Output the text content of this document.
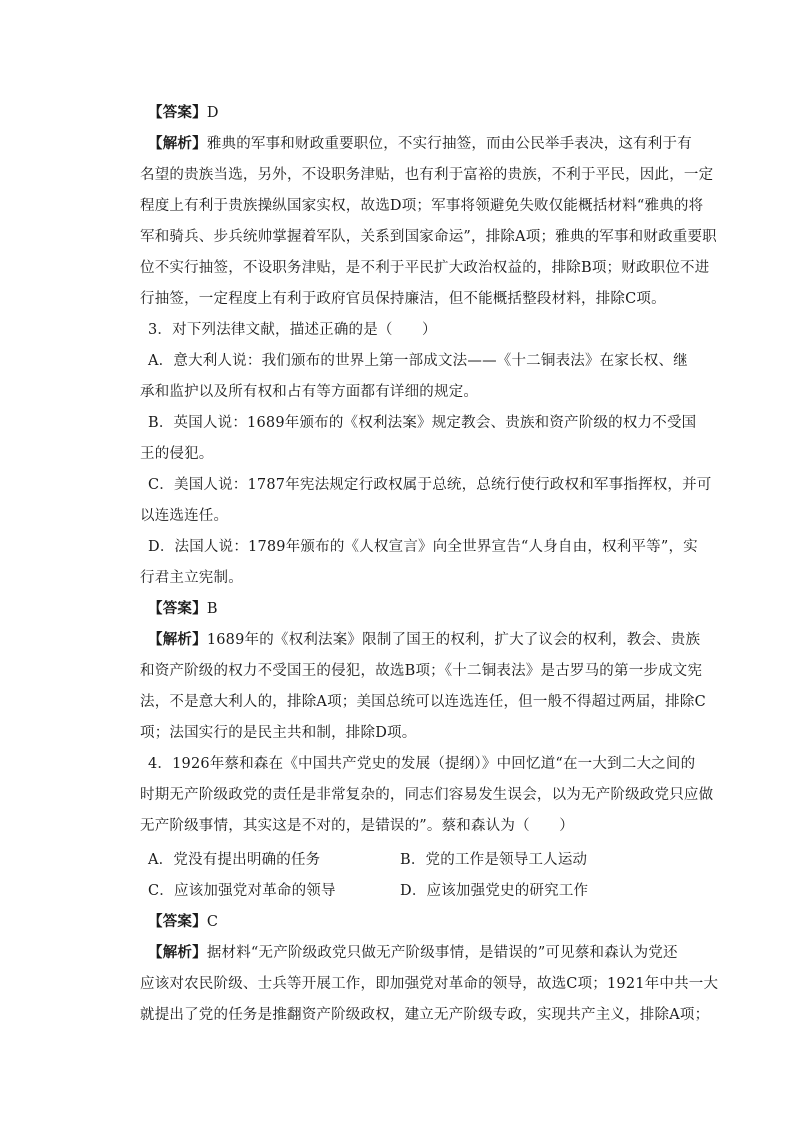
【答案】D
【解析】雅典的军事和财政重要职位，不实行抽签，而由公民举手表决，这有利于有
名望的贵族当选，另外，不设职务津贴，也有利于富裕的贵族，不利于平民，因此，一定
程度上有利于贵族操纵国家实权，故选D项；军事将领避免失败仅能概括材料“雅典的将
军和骑兵、步兵统帅掌握着军队，关系到国家命运”，排除A项；雅典的军事和财政重要职
位不实行抽签，不设职务津贴，是不利于平民扩大政治权益的，排除B项；财政职位不进
行抽签，一定程度上有利于政府官员保持廉洁，但不能概括整段材料，排除C项。
3．对下列法律文献，描述正确的是（　　）
A．意大利人说：我们颁布的世界上第一部成文法——《十二铜表法》在家长权、继
承和监护以及所有权和占有等方面都有详细的规定。
B．英国人说：1689年颁布的《权利法案》规定教会、贵族和资产阶级的权力不受国
王的侵犯。
C．美国人说：1787年宪法规定行政权属于总统，总统行使行政权和军事指挥权，并可
以连选连任。
D．法国人说：1789年颁布的《人权宣言》向全世界宣告“人身自由，权利平等”，实
行君主立宪制。
【答案】B
【解析】1689年的《权利法案》限制了国王的权利，扩大了议会的权利，教会、贵族
和资产阶级的权力不受国王的侵犯，故选B项；《十二铜表法》是古罗马的第一步成文宪
法，不是意大利人的，排除A项；美国总统可以连选连任，但一般不得超过两届，排除C
项；法国实行的是民主共和制，排除D项。
4．1926年蔡和森在《中国共产党史的发展（提纲）》中回忆道“在一大到二大之间的
时期无产阶级政党的责任是非常复杂的，同志们容易发生误会，以为无产阶级政党只应做
无产阶级事情，其实这是不对的，是错误的”。蔡和森认为（　　）
A．党没有提出明确的任务	B．党的工作是领导工人运动
C．应该加强党对革命的领导	D．应该加强党史的研究工作
【答案】C
【解析】据材料“无产阶级政党只做无产阶级事情，是错误的”可见蔡和森认为党还
应该对农民阶级、士兵等开展工作，即加强党对革命的领导，故选C项；1921年中共一大
就提出了党的任务是推翻资产阶级政权，建立无产阶级专政，实现共产主义，排除A项；
